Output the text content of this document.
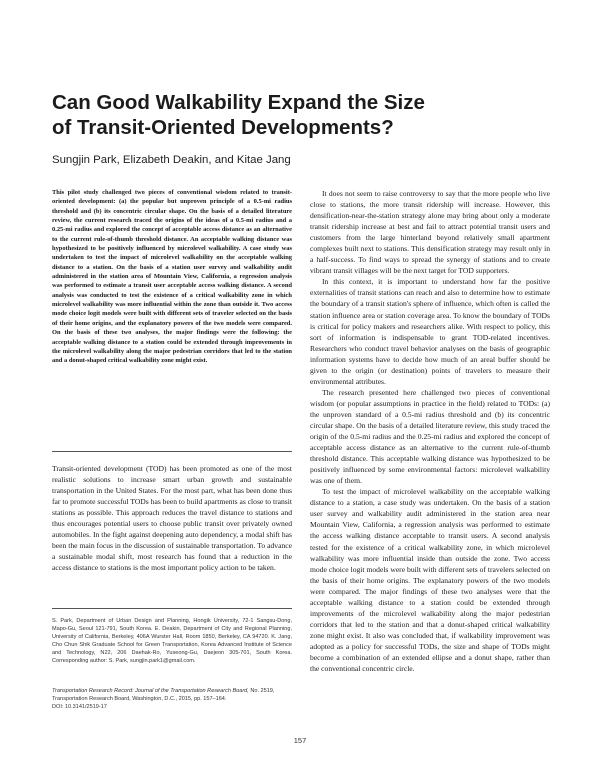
Can Good Walkability Expand the Size
of Transit-Oriented Developments?
Sungjin Park, Elizabeth Deakin, and Kitae Jang

This pilot study challenged two pieces of conventional wisdom related to transit-oriented development: (a) the popular but unproven principle of a 0.5-mi radius threshold and (b) its concentric circular shape. On the basis of a detailed literature review, the current research traced the origins of the ideas of a 0.5-mi radius and a 0.25-mi radius and explored the concept of acceptable access distance as an alternative to the current rule-of-thumb threshold distance. An acceptable walking distance was hypothesized to be positively influenced by microlevel walkability. A case study was undertaken to test the impact of microlevel walkability on the acceptable walking distance to a station. On the basis of a station user survey and walkability audit administered in the station area of Mountain View, California, a regression analysis was performed to estimate a transit user acceptable access walking distance. A second analysis was conducted to test the existence of a critical walkability zone in which microlevel walkability was more influential within the zone than outside it. Two access mode choice logit models were built with different sets of traveler selected on the basis of their home origins, and the explanatory powers of the two models were compared. On the basis of these two analyses, the major findings were the following: the acceptable walking distance to a station could be extended through improvements in the microlevel walkability along the major pedestrian corridors that led to the station and a donut-shaped critical walkability zone might exist.

Transit-oriented development (TOD) has been promoted as one of the most realistic solutions to increase smart urban growth and sustainable transportation in the United States. For the most part, what has been done thus far to promote successful TODs has been to build apartments as close to transit stations as possible. This approach reduces the travel distance to stations and thus encourages potential users to choose public transit over privately owned automobiles. In the fight against deepening auto dependency, a modal shift has been the main focus in the discussion of sustainable transportation. To advance a sustainable modal shift, most research has found that a reduction in the access distance to stations is the most important policy action to be taken.

S. Park, Department of Urban Design and Planning, Hongik University, 72-1 Sangsu-Dong, Mapo-Gu, Seoul 121-791, South Korea. E. Deakin, Department of City and Regional Planning, University of California, Berkeley, 406A Wurster Hall, Room 1850, Berkeley, CA 94720. K. Jang, Cho Chun Shik Graduate School for Green Transportation, Korea Advanced Institute of Science and Technology, N22, 206 Daehak-Ro, Yuseong-Gu, Daejeon 305-701, South Korea. Corresponding author: S. Park, sungjin.park1@gmail.com.

Transportation Research Record: Journal of the Transportation Research Board, No. 2519, Transportation Research Board, Washington, D.C., 2015, pp. 157–164.
DOI: 10.3141/2519-17

It does not seem to raise controversy to say that the more people who live close to stations, the more transit ridership will increase. However, this densification-near-the-station strategy alone may bring about only a moderate transit ridership increase at best and fail to attract potential transit users and customers from the large hinterland beyond relatively small apartment complexes built next to stations. This densification strategy may result only in a half-success. To find ways to spread the synergy of stations and to create vibrant transit villages will be the next target for TOD supporters.

In this context, it is important to understand how far the positive externalities of transit stations can reach and also to determine how to estimate the boundary of a transit station's sphere of influence, which often is called the station influence area or station coverage area. To know the boundary of TODs is critical for policy makers and researchers alike. With respect to policy, this sort of information is indispensable to grant TOD-related incentives. Researchers who conduct travel behavior analyses on the basis of geographic information systems have to decide how much of an areal buffer should be given to the origin (or destination) points of travelers to measure their environmental attributes.

The research presented here challenged two pieces of conventional wisdom (or popular assumptions in practice in the field) related to TODs: (a) the unproven standard of a 0.5-mi radius threshold and (b) its concentric circular shape. On the basis of a detailed literature review, this study traced the origin of the 0.5-mi radius and the 0.25-mi radius and explored the concept of acceptable access distance as an alternative to the current rule-of-thumb threshold distance. This acceptable walking distance was hypothesized to be positively influenced by some environmental factors: microlevel walkability was one of them.

To test the impact of microlevel walkability on the acceptable walking distance to a station, a case study was undertaken. On the basis of a station user survey and walkability audit administered in the station area near Mountain View, California, a regression analysis was performed to estimate the access walking distance acceptable to transit users. A second analysis tested for the existence of a critical walkability zone, in which microlevel walkability was more influential inside than outside the zone. Two access mode choice logit models were built with different sets of travelers selected on the basis of their home origins. The explanatory powers of the two models were compared. The major findings of these two analyses were that the acceptable walking distance to a station could be extended through improvements of the microlevel walkability along the major pedestrian corridors that led to the station and that a donut-shaped critical walkability zone might exist. It also was concluded that, if walkability improvement was adopted as a policy for successful TODs, the size and shape of TODs might become a combination of an extended ellipse and a donut shape, rather than the conventional concentric circle.

157
